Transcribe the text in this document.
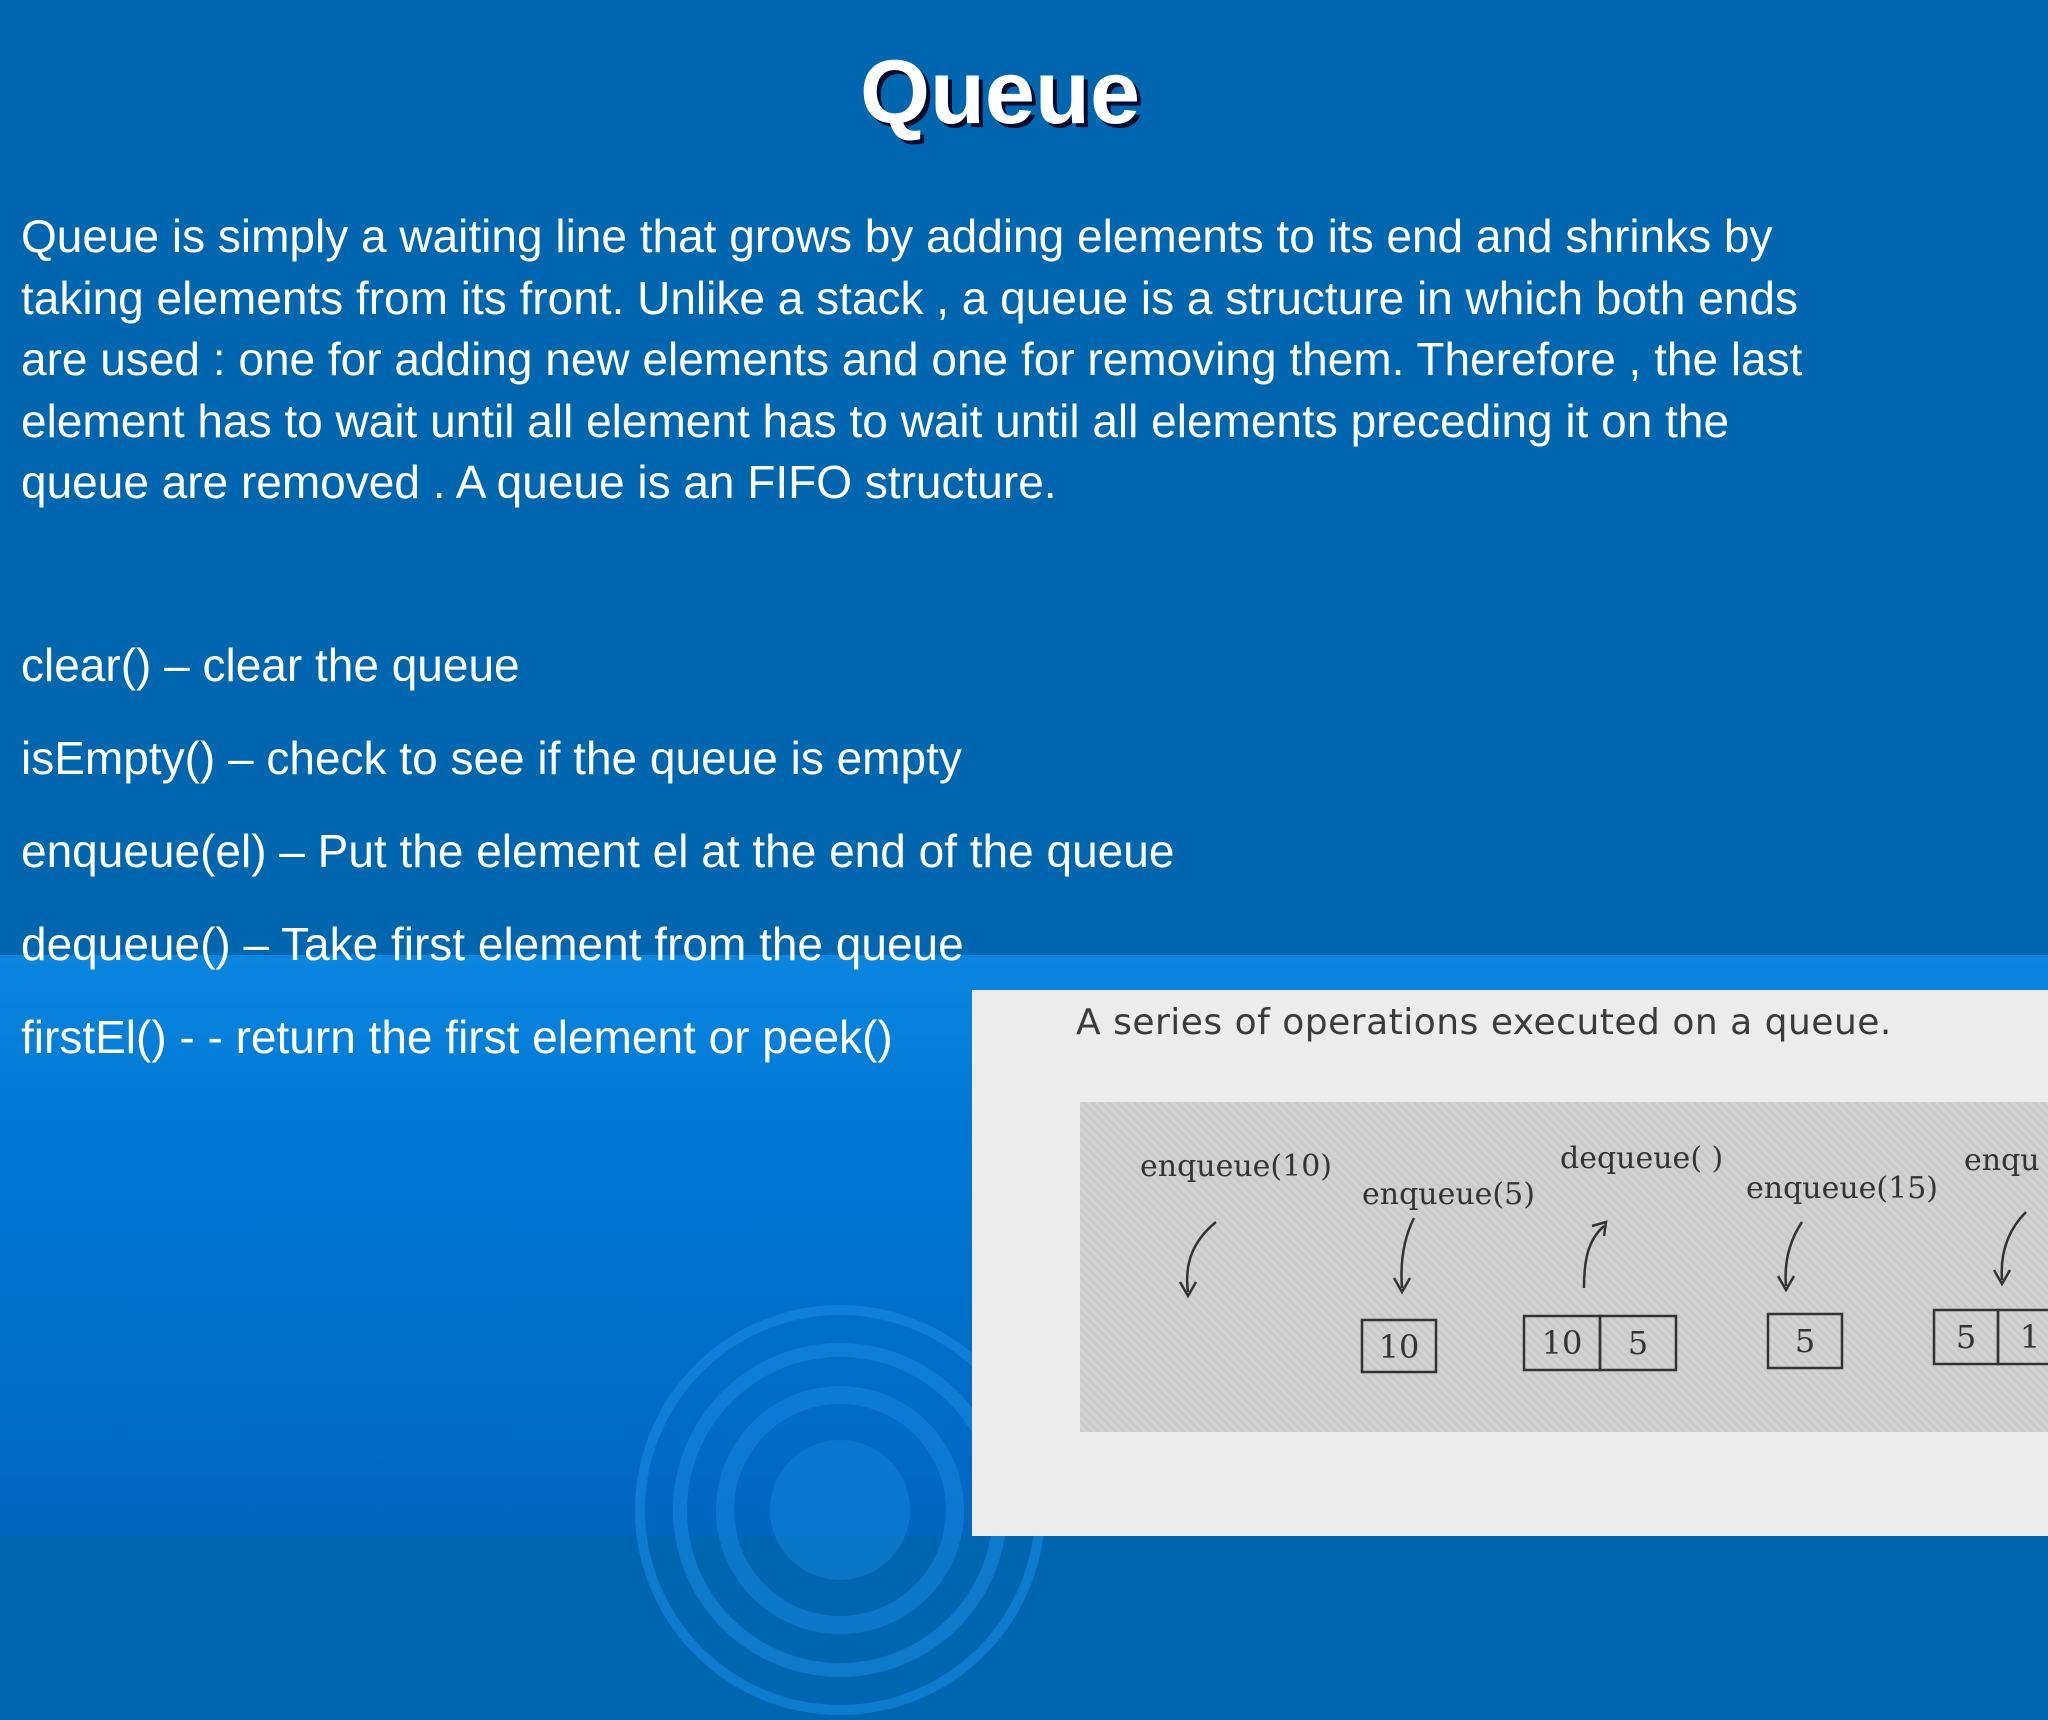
Queue

Queue is simply a waiting line that grows by adding elements to its end and shrinks by
taking elements from its front. Unlike a stack , a queue is a structure in which both ends
are used : one for adding new elements and one for removing them. Therefore , the last
element has to wait until all element has to wait until all elements preceding it on the
queue are removed . A queue is an FIFO structure.

clear() – clear the queue
isEmpty() – check to see if the queue is empty
enqueue(el) – Put the element el at the end of the queue
dequeue() – Take first element from the queue
firstEl() - - return the first element or peek()	A series of operations executed on a queue.
enqueue(10)
enqueue(5)
10
dequeue( )
10 5
enqueue(15)
5
enqu
5 1
